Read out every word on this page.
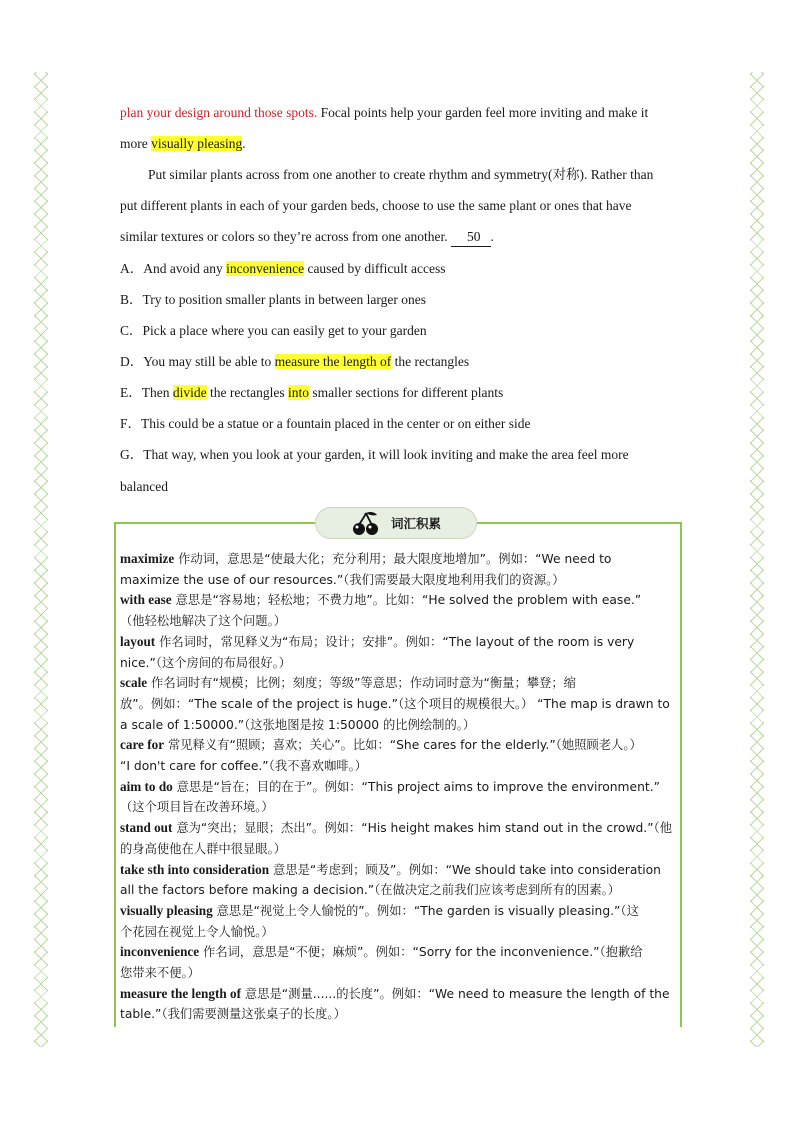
plan your design around those spots. Focal points help your garden feel more inviting and make it
more visually pleasing.
Put similar plants across from one another to create rhythm and symmetry(对称). Rather than
put different plants in each of your garden beds, choose to use the same plant or ones that have
similar textures or colors so they’re across from one another. 50 .
A．And avoid any inconvenience caused by difficult access
B．Try to position smaller plants in between larger ones
C．Pick a place where you can easily get to your garden
D．You may still be able to measure the length of the rectangles
E．Then divide the rectangles into smaller sections for different plants
F．This could be a statue or a fountain placed in the center or on either side
G．That way, when you look at your garden, it will look inviting and make the area feel more
balanced
词汇积累
maximize 作动词，意思是“使最大化；充分利用；最大限度地增加”。例如：“We need to
maximize the use of our resources.”（我们需要最大限度地利用我们的资源。）
with ease 意思是“容易地；轻松地；不费力地”。比如：“He solved the problem with ease.”
（他轻松地解决了这个问题。）
layout 作名词时，常见释义为“布局；设计；安排”。例如：“The layout of the room is very
nice.”（这个房间的布局很好。）
scale 作名词时有“规模；比例；刻度；等级”等意思；作动词时意为“衡量；攀登；缩
放”。例如：“The scale of the project is huge.”（这个项目的规模很大。） “The map is drawn to
a scale of 1:50000.”（这张地图是按 1:50000 的比例绘制的。）
care for 常见释义有“照顾；喜欢；关心”。比如：“She cares for the elderly.”（她照顾老人。）
“I don't care for coffee.”（我不喜欢咖啡。）
aim to do 意思是“旨在；目的在于”。例如：“This project aims to improve the environment.”
（这个项目旨在改善环境。）
stand out 意为“突出；显眼；杰出”。例如：“His height makes him stand out in the crowd.”（他
的身高使他在人群中很显眼。）
take sth into consideration 意思是“考虑到；顾及”。例如：“We should take into consideration
all the factors before making a decision.”（在做决定之前我们应该考虑到所有的因素。）
visually pleasing 意思是“视觉上令人愉悦的”。例如：“The garden is visually pleasing.”（这
个花园在视觉上令人愉悦。）
inconvenience 作名词，意思是“不便；麻烦”。例如：“Sorry for the inconvenience.”（抱歉给
您带来不便。）
measure the length of 意思是“测量......的长度”。例如：“We need to measure the length of the
table.”（我们需要测量这张桌子的长度。）
